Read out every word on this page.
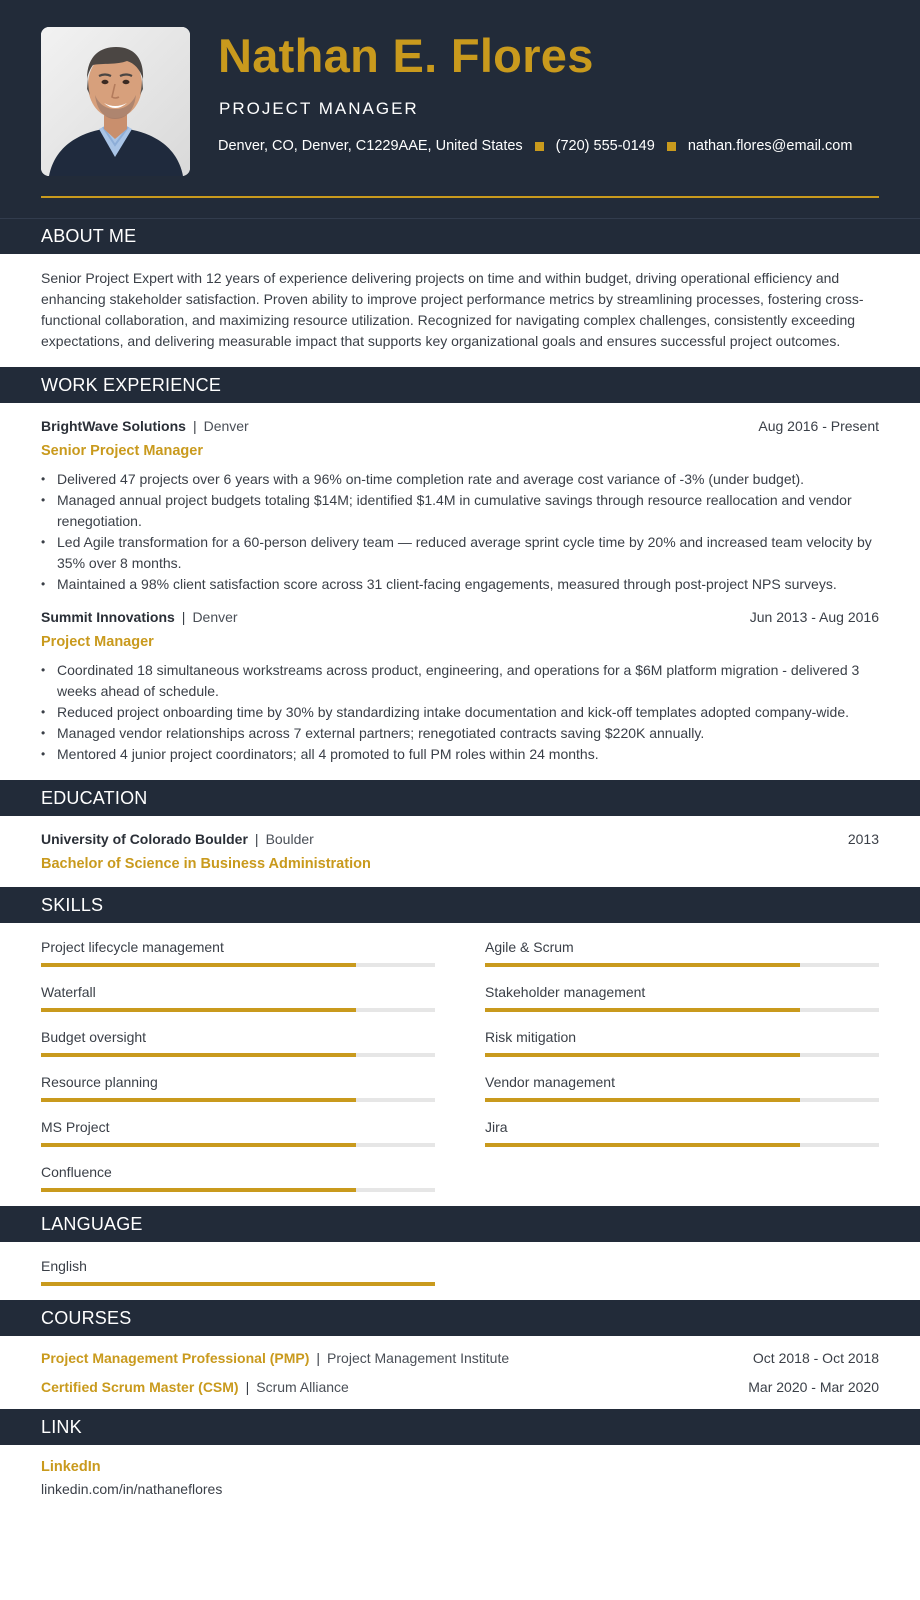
Nathan E. Flores
PROJECT MANAGER
Denver, CO, Denver, C1229AAE, United States (720) 555-0149 nathan.flores@email.com
ABOUT ME
Senior Project Expert with 12 years of experience delivering projects on time and within budget, driving operational efficiency and enhancing stakeholder satisfaction. Proven ability to improve project performance metrics by streamlining processes, fostering cross-functional collaboration, and maximizing resource utilization. Recognized for navigating complex challenges, consistently exceeding expectations, and delivering measurable impact that supports key organizational goals and ensures successful project outcomes.
WORK EXPERIENCE
BrightWave Solutions | Denver	Aug 2016 - Present
Senior Project Manager
• Delivered 47 projects over 6 years with a 96% on-time completion rate and average cost variance of -3% (under budget).
• Managed annual project budgets totaling $14M; identified $1.4M in cumulative savings through resource reallocation and vendor renegotiation.
• Led Agile transformation for a 60-person delivery team — reduced average sprint cycle time by 20% and increased team velocity by 35% over 8 months.
• Maintained a 98% client satisfaction score across 31 client-facing engagements, measured through post-project NPS surveys.
Summit Innovations | Denver	Jun 2013 - Aug 2016
Project Manager
• Coordinated 18 simultaneous workstreams across product, engineering, and operations for a $6M platform migration - delivered 3 weeks ahead of schedule.
• Reduced project onboarding time by 30% by standardizing intake documentation and kick-off templates adopted company-wide.
• Managed vendor relationships across 7 external partners; renegotiated contracts saving $220K annually.
• Mentored 4 junior project coordinators; all 4 promoted to full PM roles within 24 months.
EDUCATION
University of Colorado Boulder | Boulder	2013
Bachelor of Science in Business Administration
SKILLS
Project lifecycle management	Agile & Scrum
Waterfall	Stakeholder management
Budget oversight	Risk mitigation
Resource planning	Vendor management
MS Project	Jira
Confluence
LANGUAGE
English
COURSES
Project Management Professional (PMP) | Project Management Institute	Oct 2018 - Oct 2018
Certified Scrum Master (CSM) | Scrum Alliance	Mar 2020 - Mar 2020
LINK
LinkedIn
linkedin.com/in/nathaneflores
